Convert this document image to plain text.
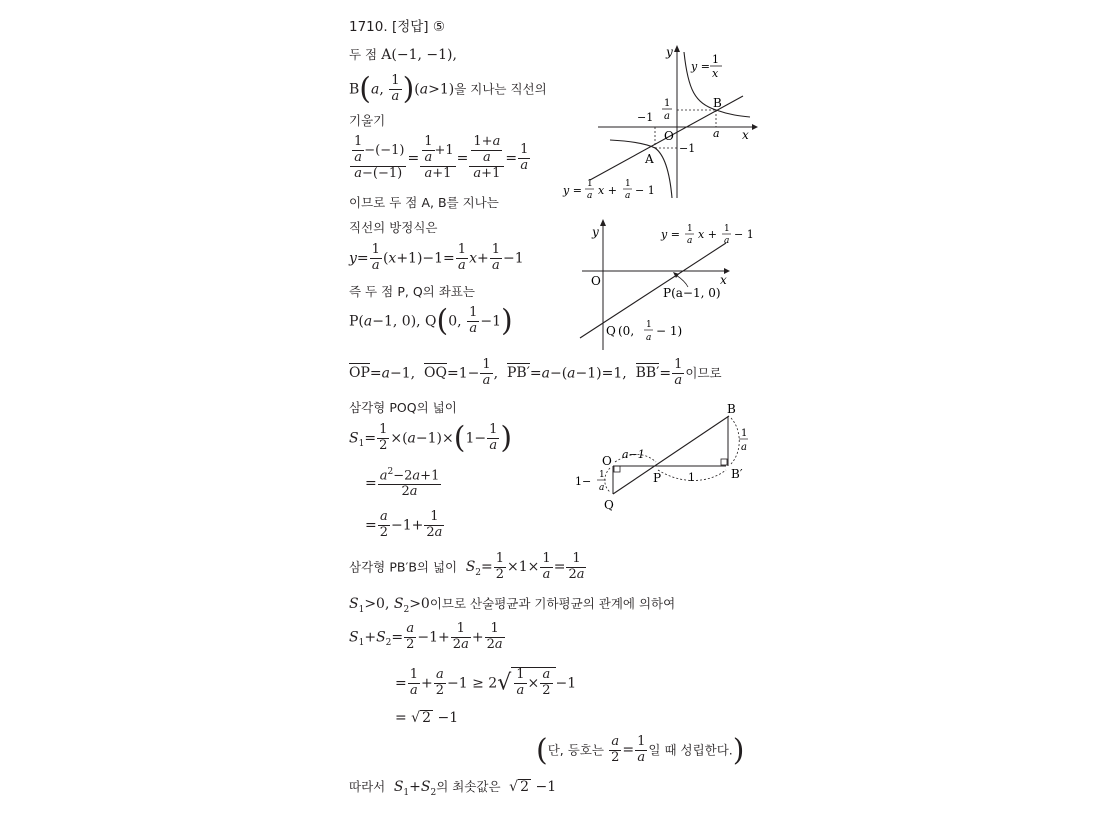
1710. [정답] ⑤
두 점 A(−1, −1),
B(a, $\frac{1}{a} )(a>1)$을 지나는 직선의
기울기
$\frac{\frac{1}{a} -(-1)}{a-(-1)} = \frac{\frac{1}{a} +1}{a+1} = \frac{\frac{1+a}{a}}{a+1} = \frac{1}{a}$
이므로 두 점 A, B를 지나는
직선의 방정식은
$y= \frac{1}{a} (x+1)-1= \frac{1}{a} x+ \frac{1}{a} -1$
즉 두 점 P, Q의 좌표는
P(a−1, 0), Q(0, $\frac{1}{a} -1$)
OP=a−1,  $OQ=1- \frac{1}{a}$ ,  PB′=a−(a−1)=1,  $BB'= \frac{1}{a}$ 이므로
삼각형 POQ의 넓이
$S_1= \frac{1}{2} \times(a-1)\times(1- \frac{1}{a}$ )
= $\frac{a^2-2a+1}{2a}$
= $\frac{a}{2} -1+ \frac{1}{2a}$
삼각형 PB′B의 넓이 $S_2= \frac{1}{2} \times 1\times \frac{1}{a} = \frac{1}{2a}$
$S_1>0$, $S_2>0$이므로 산술평균과 기하평균의 관계에 의하여
$S_1+S_2= \frac{a}{2} -1+ \frac{1}{2a} + \frac{1}{2a}$
= $\frac{1}{a} + \frac{a}{2} -1 \ge 2√ \frac{1}{a} \times \frac{a}{2} -1$
= √ 2 −1
(단, 등호는 $\frac{a}{2} = \frac{1}{a}$ 일 때 성립한다.)
따라서 $S_1+S_2$의 최솟값은  √ 2 −1
y
x
O
y =
1
x
B
A
1
a
a
−1
−1
y = 1
a x + 1
a − 1
y
x
O
y = 1
a x + 1
a − 1
P(a−1, 0)
Q (0, 1
a − 1)
O
Q
P
B
B′
a−1
1
1− 1
a
1
a
